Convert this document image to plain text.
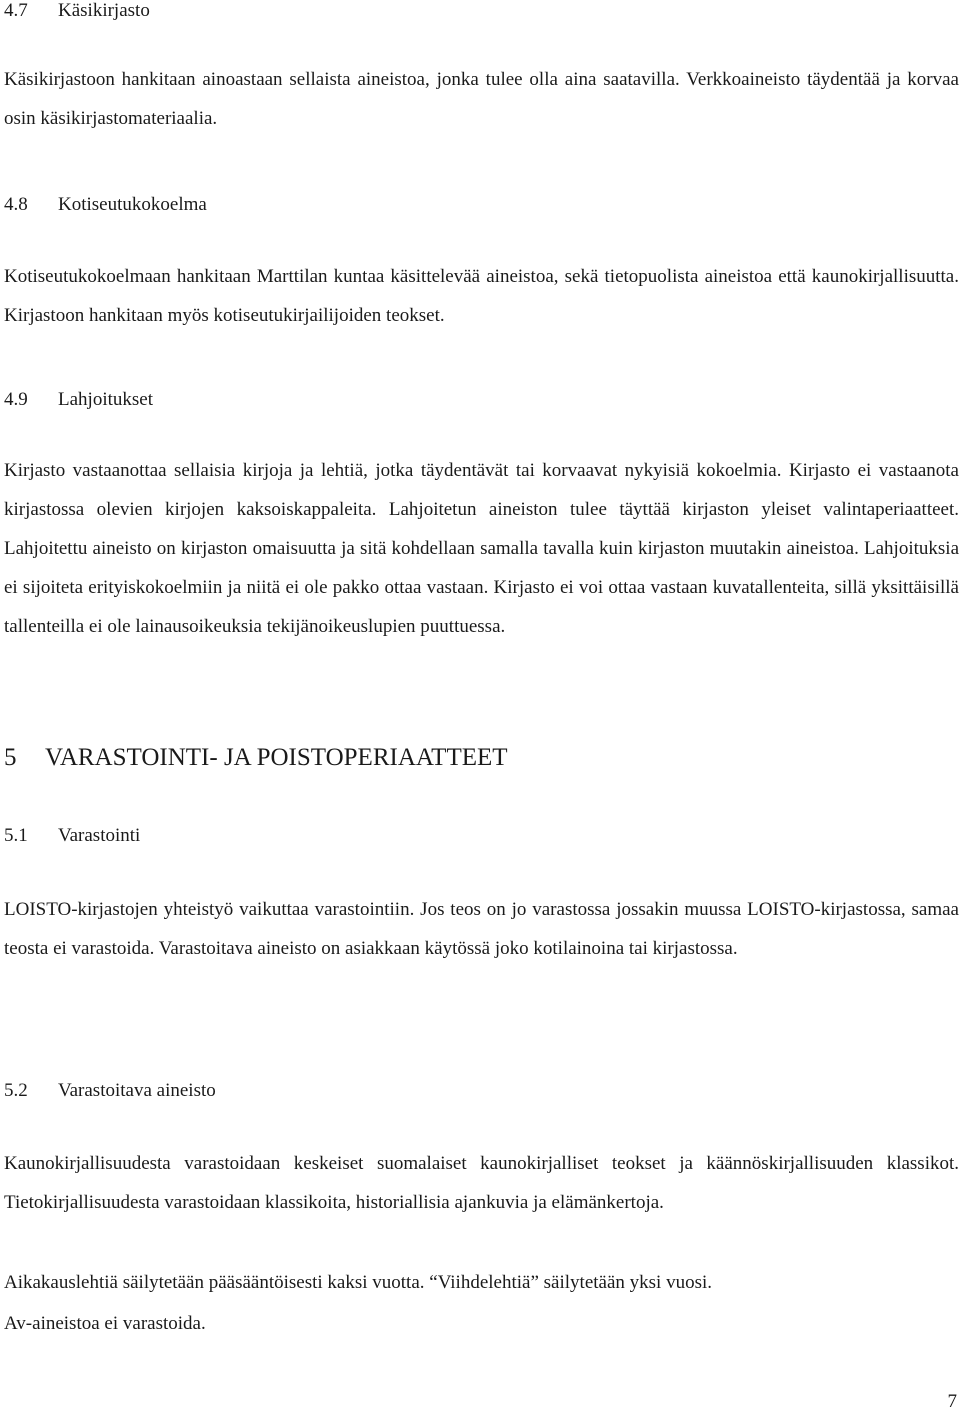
4.7 Käsikirjasto

Käsikirjastoon hankitaan ainoastaan sellaista aineistoa, jonka tulee olla aina saatavilla. Verkkoaineisto täydentää ja korvaa osin käsikirjastomateriaalia.

4.8 Kotiseutukokoelma

Kotiseutukokoelmaan hankitaan Marttilan kuntaa käsittelevää aineistoa, sekä tietopuolista aineistoa että kaunokirjallisuutta. Kirjastoon hankitaan myös kotiseutukirjailijoiden teokset.

4.9 Lahjoitukset

Kirjasto vastaanottaa sellaisia kirjoja ja lehtiä, jotka täydentävät tai korvaavat nykyisiä kokoelmia. Kirjasto ei vastaanota kirjastossa olevien kirjojen kaksoiskappaleita. Lahjoitetun aineiston tulee täyttää kirjaston yleiset valintaperiaatteet. Lahjoitettu aineisto on kirjaston omaisuutta ja sitä kohdellaan samalla tavalla kuin kirjaston muutakin aineistoa. Lahjoituksia ei sijoiteta erityiskokoelmiin ja niitä ei ole pakko ottaa vastaan. Kirjasto ei voi ottaa vastaan kuvatallenteita, sillä yksittäisillä tallenteilla ei ole lainausoikeuksia tekijänoikeuslupien puuttuessa.

5 VARASTOINTI- JA POISTOPERIAATTEET
5.1 Varastointi

LOISTO-kirjastojen yhteistyö vaikuttaa varastointiin. Jos teos on jo varastossa jossakin muussa LOISTO-kirjastossa, samaa teosta ei varastoida. Varastoitava aineisto on asiakkaan käytössä joko kotilainoina tai kirjastossa.

5.2 Varastoitava aineisto

Kaunokirjallisuudesta varastoidaan keskeiset suomalaiset kaunokirjalliset teokset ja käännöskirjallisuuden klassikot. Tietokirjallisuudesta varastoidaan klassikoita, historiallisia ajankuvia ja elämänkertoja.

Aikakauslehtiä säilytetään pääsääntöisesti kaksi vuotta. “Viihdelehtiä” säilytetään yksi vuosi.

Av-aineistoa ei varastoida.

7
